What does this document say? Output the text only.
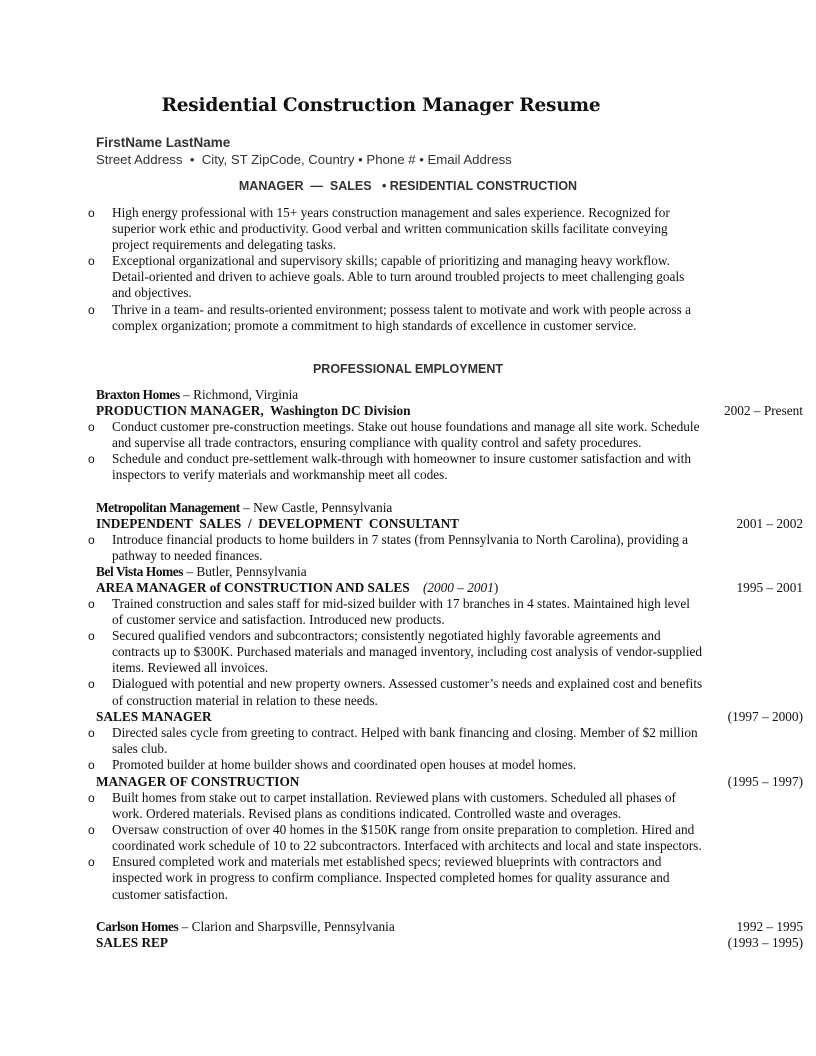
Residential Construction Manager Resume
FirstName LastName
Street Address  •  City, ST ZipCode, Country • Phone # • Email Address
MANAGER  —  SALES   • RESIDENTIAL CONSTRUCTION
o High energy professional with 15+ years construction management and sales experience. Recognized for superior work ethic and productivity. Good verbal and written communication skills facilitate conveying project requirements and delegating tasks.
o Exceptional organizational and supervisory skills; capable of prioritizing and managing heavy workflow. Detail-oriented and driven to achieve goals. Able to turn around troubled projects to meet challenging goals and objectives.
o Thrive in a team- and results-oriented environment; possess talent to motivate and work with people across a complex organization; promote a commitment to high standards of excellence in customer service.
PROFESSIONAL EMPLOYMENT
Braxton Homes – Richmond, Virginia
PRODUCTION MANAGER,  Washington DC Division	2002 – Present
o Conduct customer pre-construction meetings. Stake out house foundations and manage all site work. Schedule and supervise all trade contractors, ensuring compliance with quality control and safety procedures.
o Schedule and conduct pre-settlement walk-through with homeowner to insure customer satisfaction and with inspectors to verify materials and workmanship meet all codes.
Metropolitan Management – New Castle, Pennsylvania
INDEPENDENT  SALES  /  DEVELOPMENT  CONSULTANT	2001 – 2002
o Introduce financial products to home builders in 7 states (from Pennsylvania to North Carolina), providing a pathway to needed finances.
Bel Vista Homes – Butler, Pennsylvania
AREA MANAGER of CONSTRUCTION AND SALES    (2000 – 2001)	1995 – 2001
o Trained construction and sales staff for mid-sized builder with 17 branches in 4 states. Maintained high level of customer service and satisfaction. Introduced new products.
o Secured qualified vendors and subcontractors; consistently negotiated highly favorable agreements and contracts up to $300K. Purchased materials and managed inventory, including cost analysis of vendor-supplied items. Reviewed all invoices.
o Dialogued with potential and new property owners. Assessed customer’s needs and explained cost and benefits of construction material in relation to these needs.
SALES MANAGER	(1997 – 2000)
o Directed sales cycle from greeting to contract. Helped with bank financing and closing. Member of $2 million sales club.
o Promoted builder at home builder shows and coordinated open houses at model homes.
MANAGER OF CONSTRUCTION	(1995 – 1997)
o Built homes from stake out to carpet installation. Reviewed plans with customers. Scheduled all phases of work. Ordered materials. Revised plans as conditions indicated. Controlled waste and overages.
o Oversaw construction of over 40 homes in the $150K range from onsite preparation to completion. Hired and coordinated work schedule of 10 to 22 subcontractors. Interfaced with architects and local and state inspectors.
o Ensured completed work and materials met established specs; reviewed blueprints with contractors and inspected work in progress to confirm compliance. Inspected completed homes for quality assurance and customer satisfaction.
Carlson Homes – Clarion and Sharpsville, Pennsylvania	1992 – 1995
SALES REP	(1993 – 1995)
